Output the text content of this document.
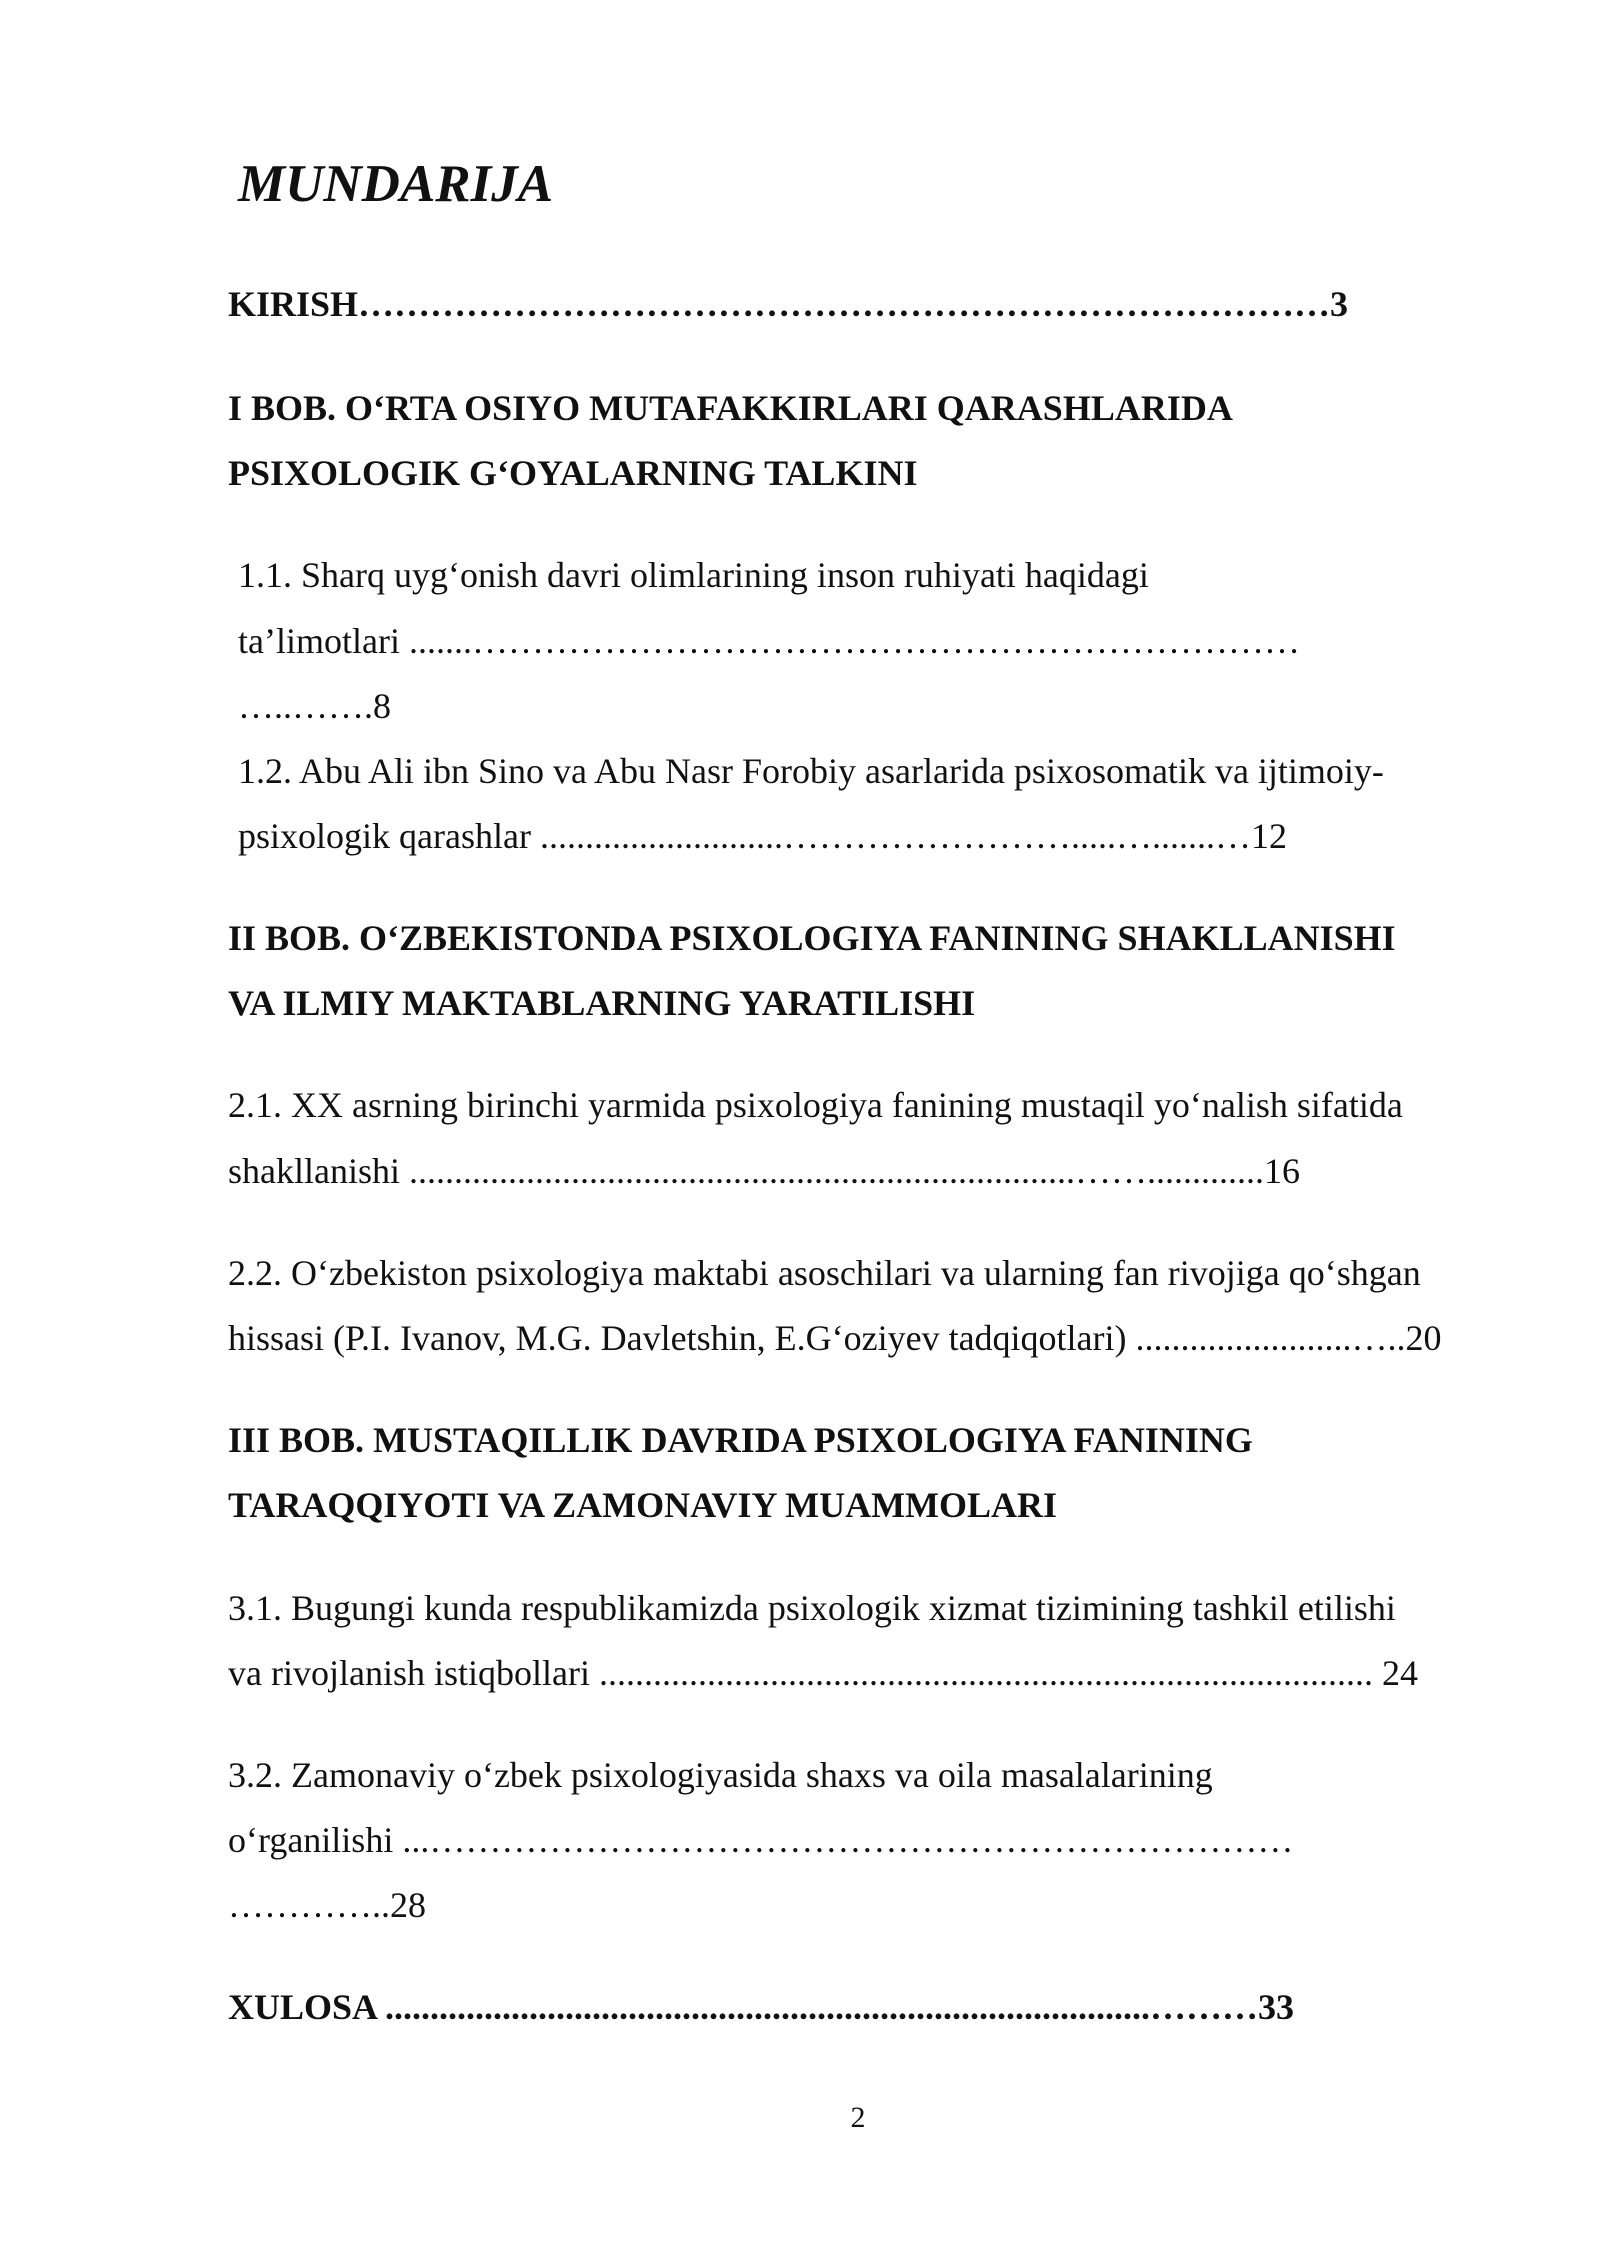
MUNDARIJA
KIRISH………………………………………………………………………3
I BOB. O‘RTA OSIYO MUTAFAKKIRLARI QARASHLARIDA
PSIXOLOGIK G‘OYALARNING TALKINI
1.1. Sharq uyg‘onish davri olimlarining inson ruhiyati haqidagi
ta’limotlari .......……………………………………………………………
…..…….8
1.2. Abu Ali ibn Sino va Abu Nasr Forobiy asarlarida psixosomatik va ijtimoiy-
psixologik qarashlar ...........................…………………….....….......…12
II BOB. O‘ZBEKISTONDA PSIXOLOGIYA FANINING SHAKLLANISHI
VA ILMIY MAKTABLARNING YARATILISHI
2.1. XX asrning birinchi yarmida psixologiya fanining mustaqil yo‘nalish sifatida
shakllanishi ..........................................................................…….............16
2.2. O‘zbekiston psixologiya maktabi asoschilari va ularning fan rivojiga qo‘shgan
hissasi (P.I. Ivanov, M.G. Davletshin, E.G‘oziyev tadqiqotlari) ........................…..20
III BOB. MUSTAQILLIK DAVRIDA PSIXOLOGIYA FANINING
TARAQQIYOTI VA ZAMONAVIY MUAMMOLARI
3.1. Bugungi kunda respublikamizda psixologik xizmat tizimining tashkil etilishi
va rivojlanish istiqbollari ...................................................................................... 24
3.2. Zamonaviy o‘zbek psixologiyasida shaxs va oila masalalarining
o‘rganilishi ...………………………………………………………………
…………..28
XULOSA .....................................................................................………33
2
